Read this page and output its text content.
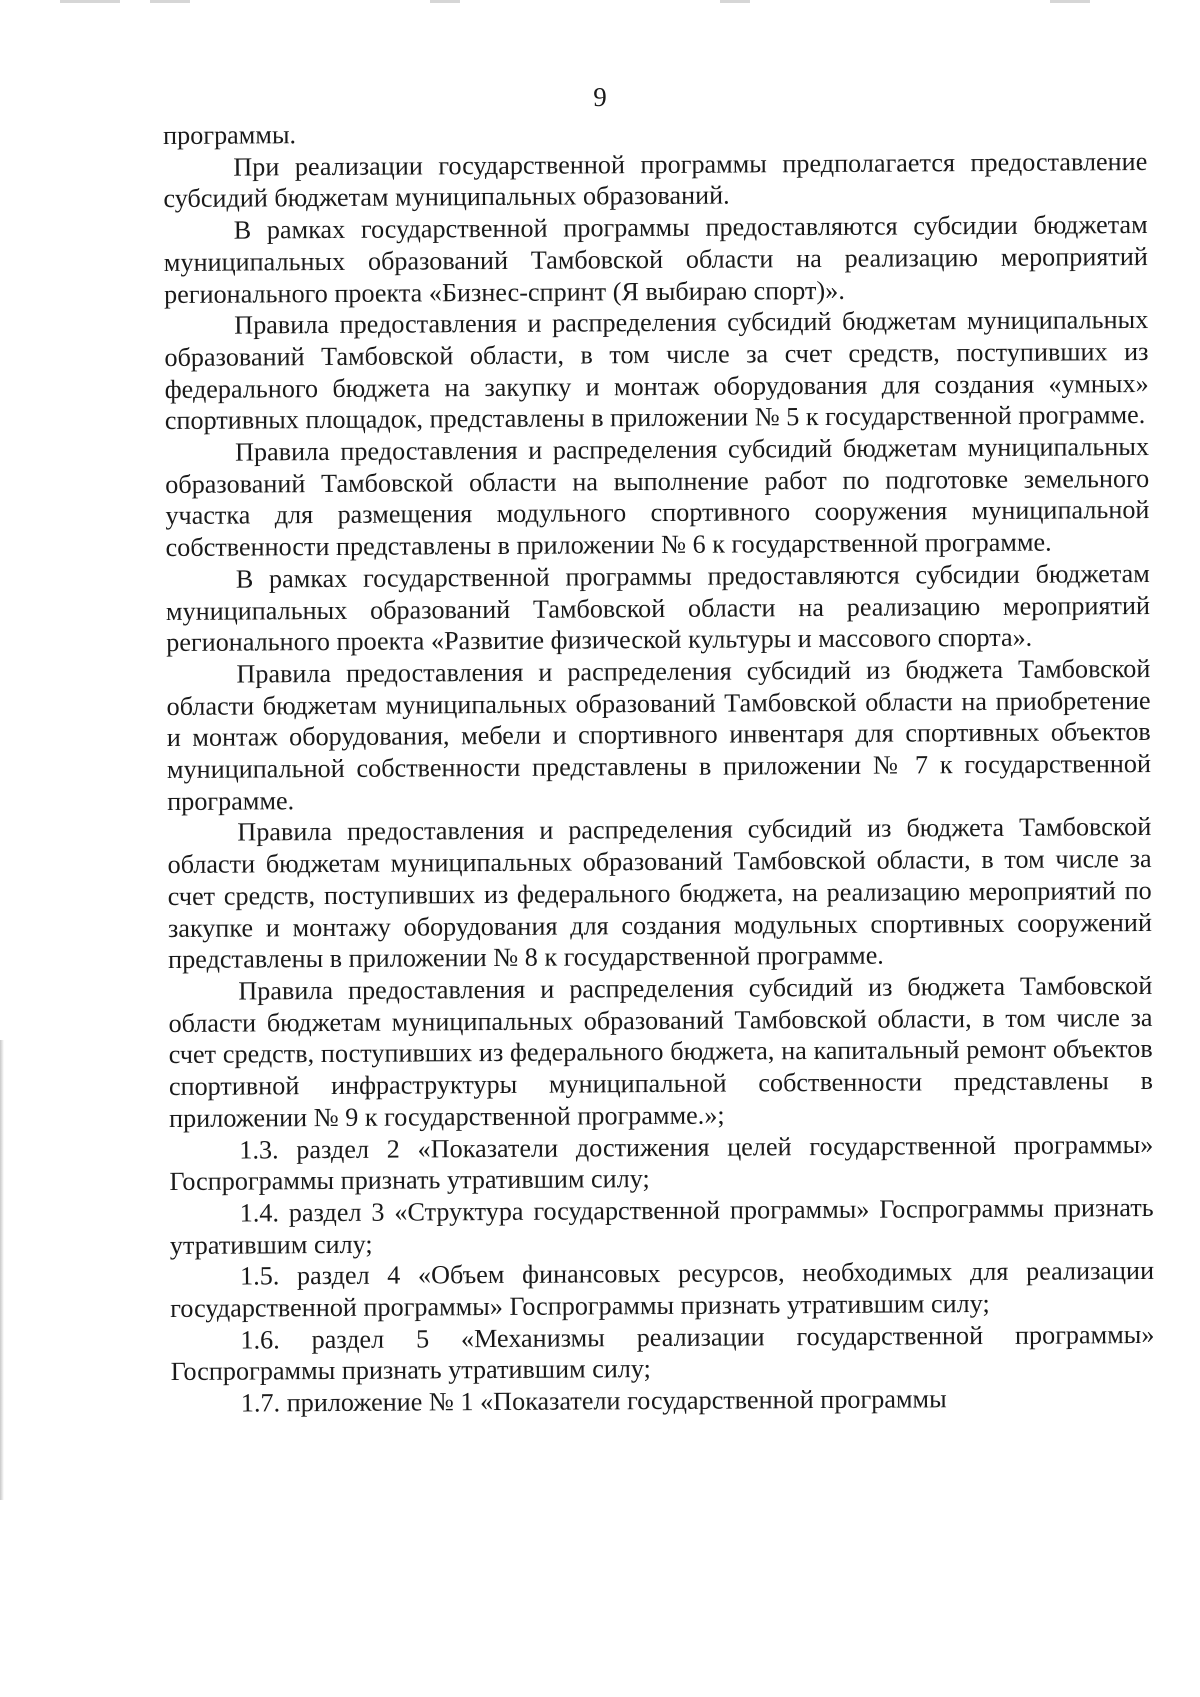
9

программы.

При реализации государственной программы предполагается предоставление субсидий бюджетам муниципальных образований.

В рамках государственной программы предоставляются субсидии бюджетам муниципальных образований Тамбовской области на реализацию мероприятий регионального проекта «Бизнес-спринт (Я выбираю спорт)».

Правила предоставления и распределения субсидий бюджетам муниципальных образований Тамбовской области, в том числе за счет средств, поступивших из федерального бюджета на закупку и монтаж оборудования для создания «умных» спортивных площадок, представлены в приложении № 5 к государственной программе.

Правила предоставления и распределения субсидий бюджетам муниципальных образований Тамбовской области на выполнение работ по подготовке земельного участка для размещения модульного спортивного сооружения муниципальной собственности представлены в приложении № 6 к государственной программе.

В рамках государственной программы предоставляются субсидии бюджетам муниципальных образований Тамбовской области на реализацию мероприятий регионального проекта «Развитие физической культуры и массового спорта».

Правила предоставления и распределения субсидий из бюджета Тамбовской области бюджетам муниципальных образований Тамбовской области на приобретение и монтаж оборудования, мебели и спортивного инвентаря для спортивных объектов муниципальной собственности представлены в приложении № 7 к государственной программе.

Правила предоставления и распределения субсидий из бюджета Тамбовской области бюджетам муниципальных образований Тамбовской области, в том числе за счет средств, поступивших из федерального бюджета, на реализацию мероприятий по закупке и монтажу оборудования для создания модульных спортивных сооружений представлены в приложении № 8 к государственной программе.

Правила предоставления и распределения субсидий из бюджета Тамбовской области бюджетам муниципальных образований Тамбовской области, в том числе за счет средств, поступивших из федерального бюджета, на капитальный ремонт объектов спортивной инфраструктуры муниципальной собственности представлены в приложении № 9 к государственной программе.»;

1.3. раздел 2 «Показатели достижения целей государственной программы» Госпрограммы признать утратившим силу;

1.4. раздел 3 «Структура государственной программы» Госпрограммы признать утратившим силу;

1.5. раздел 4 «Объем финансовых ресурсов, необходимых для реализации государственной программы» Госпрограммы признать утратившим силу;

1.6. раздел 5 «Механизмы реализации государственной программы» Госпрограммы признать утратившим силу;

1.7. приложение № 1 «Показатели государственной программы
